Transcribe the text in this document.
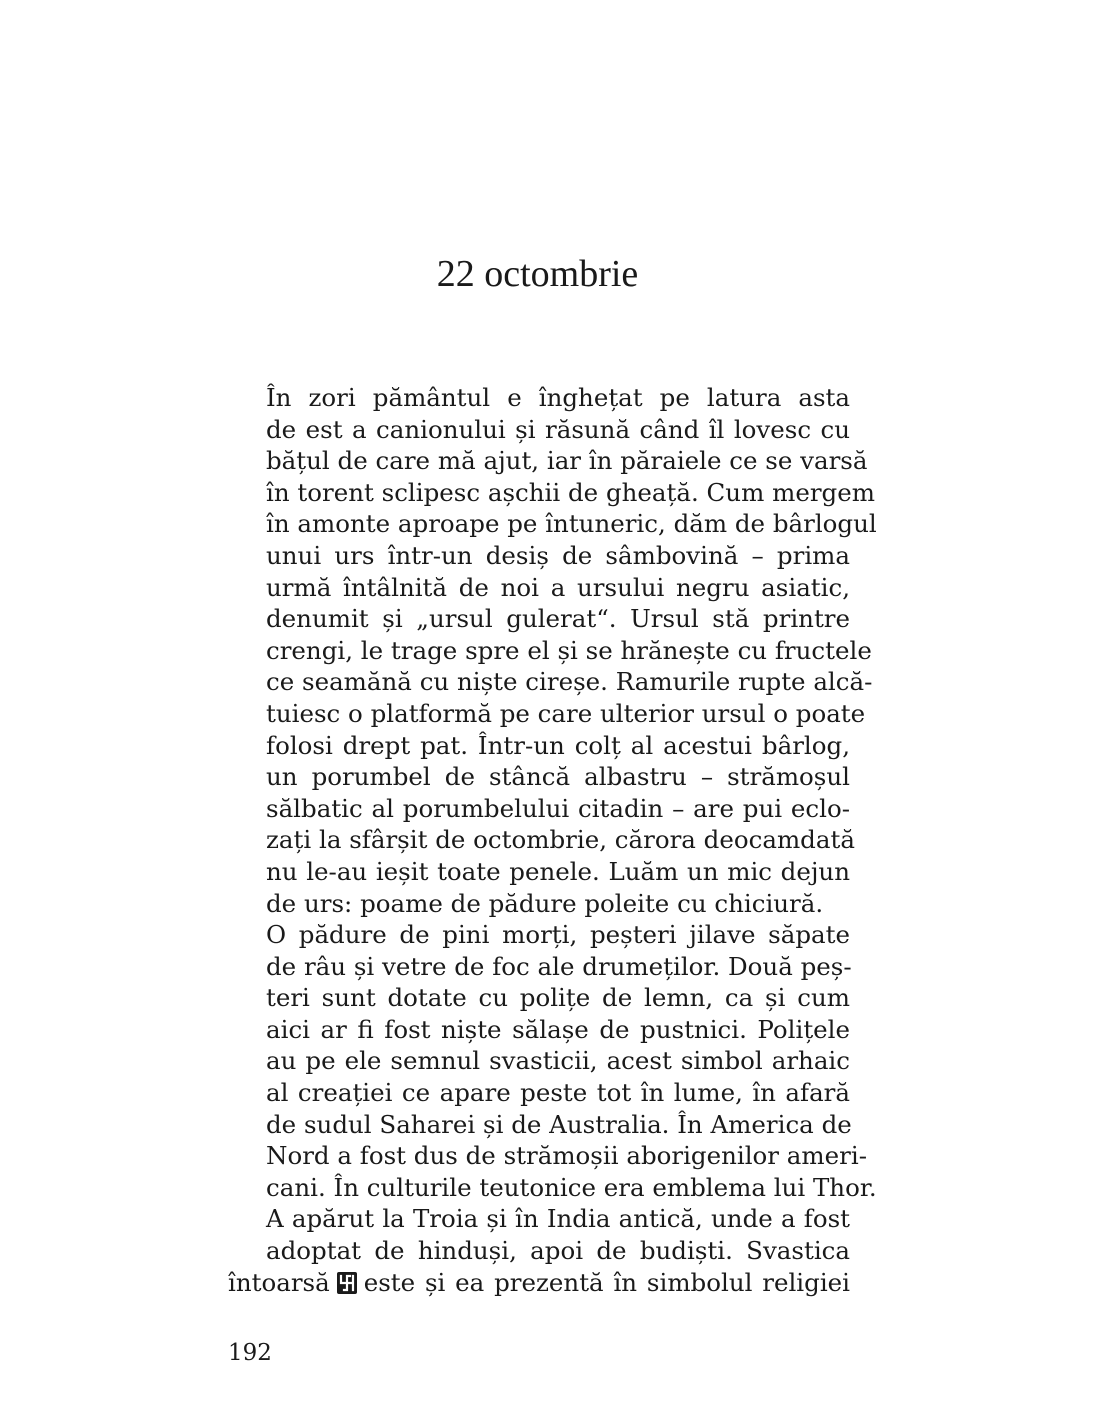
22 octombrie

În zori pământul e înghețat pe latura asta
de est a canionului și răsună când îl lovesc cu
bățul de care mă ajut, iar în păraiele ce se varsă
în torent sclipesc așchii de gheață. Cum mergem
în amonte aproape pe întuneric, dăm de bârlogul
unui urs într-un desiș de sâmbovină – prima
urmă întâlnită de noi a ursului negru asiatic,
denumit și „ursul gulerat“. Ursul stă printre
crengi, le trage spre el și se hrănește cu fructele
ce seamănă cu niște cireșe. Ramurile rupte alcă-
tuiesc o platformă pe care ulterior ursul o poate
folosi drept pat. Într-un colț al acestui bârlog,
un porumbel de stâncă albastru – strămoșul
sălbatic al porumbelului citadin – are pui eclo-
zați la sfârșit de octombrie, cărora deocamdată
nu le-au ieșit toate penele. Luăm un mic dejun
de urs: poame de pădure poleite cu chiciură.

O pădure de pini morți, peșteri jilave săpate
de râu și vetre de foc ale drumeților. Două peș-
teri sunt dotate cu polițe de lemn, ca și cum
aici ar fi fost niște sălașe de pustnici. Polițele
au pe ele semnul svasticii, acest simbol arhaic
al creației ce apare peste tot în lume, în afară
de sudul Saharei și de Australia. În America de
Nord a fost dus de strămoșii aborigenilor ameri-
cani. În culturile teutonice era emblema lui Thor.
A apărut la Troia și în India antică, unde a fost
adoptat de hinduși, apoi de budiști. Svastica
întoarsă este și ea prezentă în simbolul religiei

192
